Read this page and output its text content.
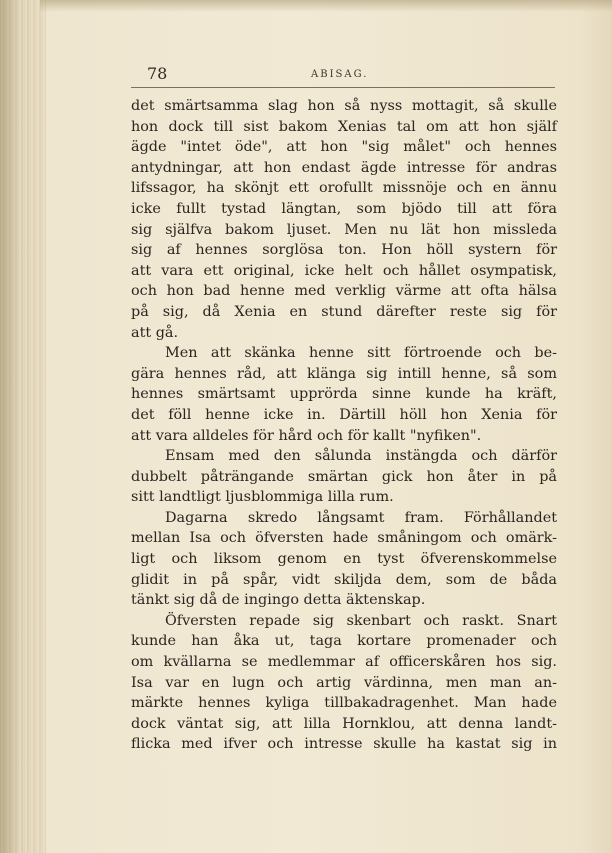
78	ABISAG.
det smärtsamma slag hon så nyss mottagit, så skulle
hon dock till sist bakom Xenias tal om att hon själf
ägde "intet öde", att hon "sig målet" och hennes
antydningar, att hon endast ägde intresse för andras
lifssagor, ha skönjt ett orofullt missnöje och en ännu
icke fullt tystad längtan, som bjödo till att föra
sig själfva bakom ljuset. Men nu lät hon missleda
sig af hennes sorglösa ton. Hon höll systern för
att vara ett original, icke helt och hållet osympatisk,
och hon bad henne med verklig värme att ofta hälsa
på sig, då Xenia en stund därefter reste sig för
att gå.
Men att skänka henne sitt förtroende och be-
gära hennes råd, att klänga sig intill henne, så som
hennes smärtsamt upprörda sinne kunde ha kräft,
det föll henne icke in. Därtill höll hon Xenia för
att vara alldeles för hård och för kallt "nyfiken".
Ensam med den sålunda instängda och därför
dubbelt påträngande smärtan gick hon åter in på
sitt landtligt ljusblommiga lilla rum.
Dagarna skredo långsamt fram. Förhållandet
mellan Isa och öfversten hade småningom och omärk-
ligt och liksom genom en tyst öfverenskommelse
glidit in på spår, vidt skiljda dem, som de båda
tänkt sig då de ingingo detta äktenskap.
Öfversten repade sig skenbart och raskt. Snart
kunde han åka ut, taga kortare promenader och
om kvällarna se medlemmar af officerskåren hos sig.
Isa var en lugn och artig värdinna, men man an-
märkte hennes kyliga tillbakadragenhet. Man hade
dock väntat sig, att lilla Hornklou, att denna landt-
flicka med ifver och intresse skulle ha kastat sig in
